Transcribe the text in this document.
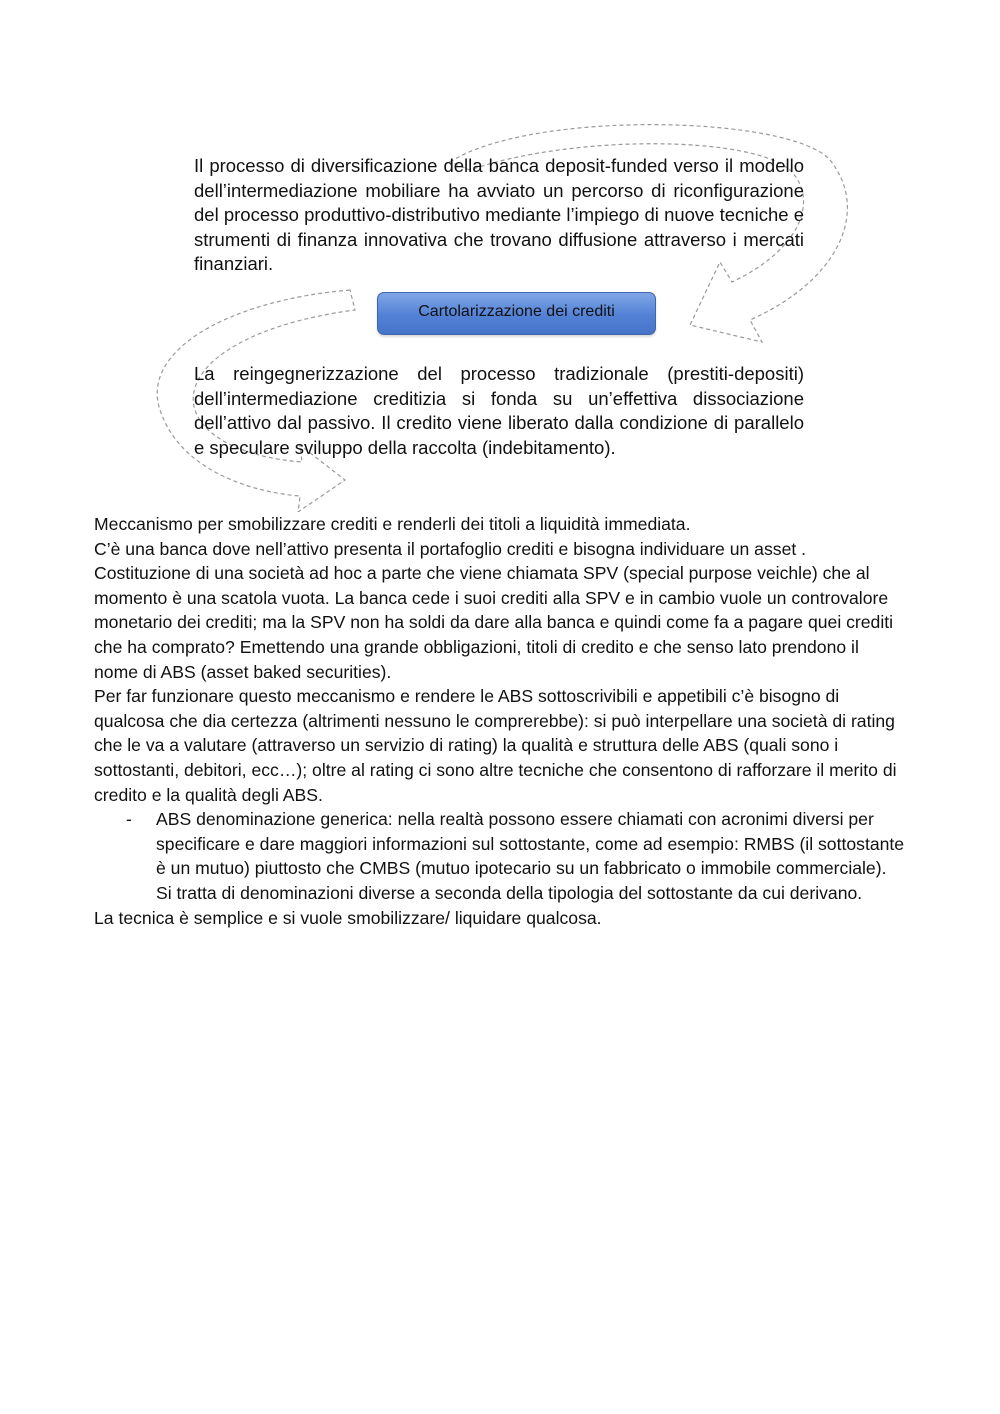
Il processo di diversificazione della banca deposit-funded verso il modello dell’intermediazione mobiliare ha avviato un percorso di riconfigurazione del processo produttivo-distributivo mediante l’impiego di nuove tecniche e strumenti di finanza innovativa che trovano diffusione attraverso i mercati finanziari.
Cartolarizzazione dei crediti
La reingegnerizzazione del processo tradizionale (prestiti-depositi) dell’intermediazione creditizia si fonda su un’effettiva dissociazione dell’attivo dal passivo. Il credito viene liberato dalla condizione di parallelo e speculare sviluppo della raccolta (indebitamento).

Meccanismo per smobilizzare crediti e renderli dei titoli a liquidità immediata.

C’è una banca dove nell’attivo presenta il portafoglio crediti e bisogna individuare un asset .

Costituzione di una società ad hoc a parte che viene chiamata SPV (special purpose veichle) che al momento è una scatola vuota. La banca cede i suoi crediti alla SPV e in cambio vuole un controvalore monetario dei crediti; ma la SPV non ha soldi da dare alla banca e quindi come fa a pagare quei crediti che ha comprato? Emettendo una grande obbligazioni, titoli di credito e che senso lato prendono il nome di ABS (asset baked securities).

Per far funzionare questo meccanismo e rendere le ABS sottoscrivibili e appetibili c’è bisogno di qualcosa che dia certezza (altrimenti nessuno le comprerebbe): si può interpellare una società di rating che le va a valutare (attraverso un servizio di rating) la qualità e struttura delle ABS (quali sono i sottostanti, debitori, ecc…); oltre al rating ci sono altre tecniche che consentono di rafforzare il merito di credito e la qualità degli ABS.

- ABS denominazione generica: nella realtà possono essere chiamati con acronimi diversi per specificare e dare maggiori informazioni sul sottostante, come ad esempio: RMBS (il sottostante è un mutuo) piuttosto che CMBS (mutuo ipotecario su un fabbricato o immobile commerciale). Si tratta di denominazioni diverse a seconda della tipologia del sottostante da cui derivano.

La tecnica è semplice e si vuole smobilizzare/ liquidare qualcosa.
